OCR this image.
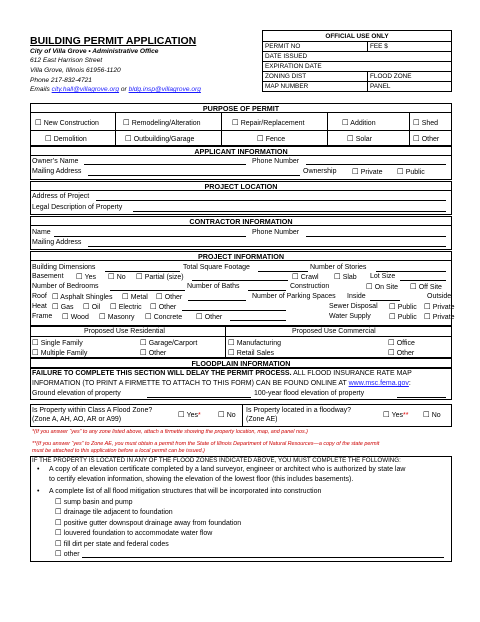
BUILDING PERMIT APPLICATION
City of Villa Grove • Administrative Office
612 East Harrison Street
Villa Grove, Illinois 61956-1120
Phone 217-832-4721
Emails city.hall@villagrove.org or bldg.insp@villagrove.org
OFFICIAL USE ONLY	
PERMIT NO	FEE $
DATE ISSUED	
EXPIRATION DATE	
ZONING DIST	FLOOD ZONE
MAP NUMBER	PANEL
PURPOSE OF PERMIT
☐ New Construction	☐ Remodeling/Alteration	☐ Repair/Replacement	☐ Addition	☐ Shed
☐ Demolition	☐ Outbuilding/Garage	☐ Fence	☐ Solar	☐ Other
APPLICANT INFORMATION
Owner’s Name	Phone Number
Mailing Address	Ownership ☐ Private ☐ Public
PROJECT LOCATION
Address of Project
Legal Description of Property
CONTRACTOR INFORMATION
Name	Phone Number
Mailing Address
PROJECT INFORMATION
Building Dimensions	Total Square Footage	Number of Stories
Basement ☐ Yes ☐ No ☐ Partial (size)	☐ Crawl ☐ Slab Lot Size
Number of Bedrooms	Number of Baths	Construction	☐ On Site ☐ Off Site
Roof ☐ Asphalt Shingles ☐ Metal ☐ Other	Number of Parking Spaces Inside	Outside
Heat ☐ Gas ☐ Oil ☐ Electric ☐ Other	Sewer Disposal ☐ Public ☐ Private
Frame ☐ Wood ☐ Masonry ☐ Concrete ☐ Other	Water Supply ☐ Public ☐ Private
Proposed Use Residential	Proposed Use Commercial
☐ Single Family	☐ Garage/Carport	☐ Manufacturing	☐ Office
☐ Multiple Family	☐ Other	☐ Retail Sales	☐ Other
FLOODPLAIN INFORMATION
FAILURE TO COMPLETE THIS SECTION WILL DELAY THE PERMIT PROCESS. ALL FLOOD INSURANCE RATE MAP
INFORMATION (TO PRINT A FIRMETTE TO ATTACH TO THIS FORM) CAN BE FOUND ONLINE AT www.msc.fema.gov:
Ground elevation of property	100-year flood elevation of property
Is Property within Class A Flood Zone?
(Zone A, AH, AO, AR or A99)
☐ Yes* ☐ No
Is Property located in a floodway?
(Zone AE)
☐ Yes** ☐ No
*(If you answer “yes” to any zone listed above, attach a firmette showing the property location, map, and panel nos.)
**(If you answer “yes” to Zone AE, you must obtain a permit from the State of Illinois Department of Natural Resources—a copy of the state permit
must be attached to this application before a local permit can be issued.)
IF THE PROPERTY IS LOCATED IN ANY OF THE FLOOD ZONES INDICATED ABOVE, YOU MUST COMPLETE THE FOLLOWING:
• A copy of an elevation certificate completed by a land surveyor, engineer or architect who is authorized by state law
to certify elevation information, showing the elevation of the lowest floor (this includes basements).
• A complete list of all flood mitigation structures that will be incorporated into construction
☐ sump basin and pump
☐ drainage tile adjacent to foundation
☐ positive gutter downspout drainage away from foundation
☐ louvered foundation to accommodate water flow
☐ fill dirt per state and federal codes
☐ other
